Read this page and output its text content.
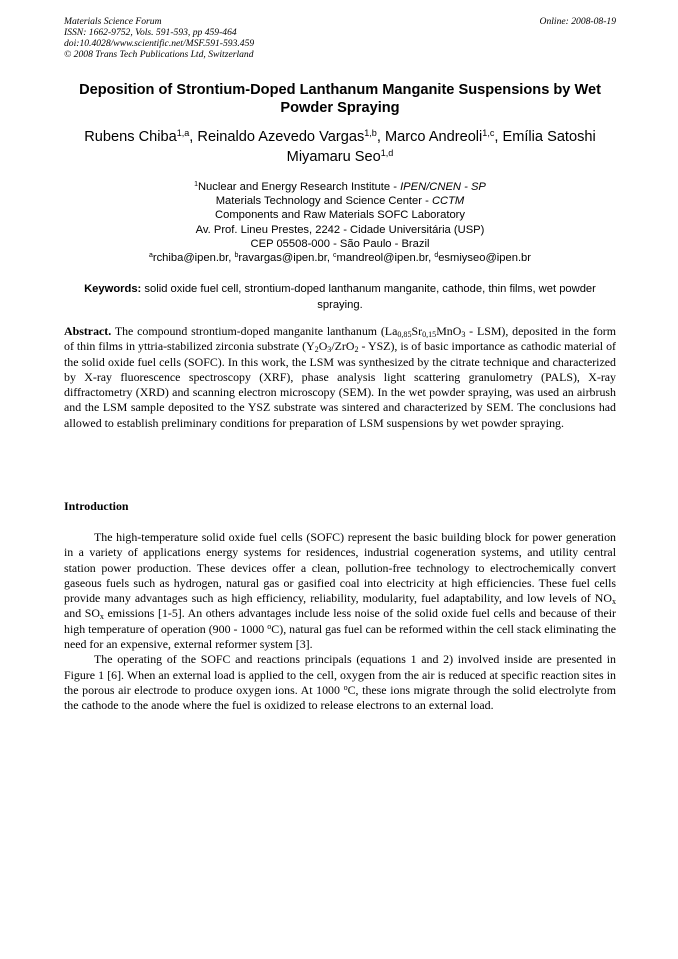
Materials Science Forum
ISSN: 1662-9752, Vols. 591-593, pp 459-464
doi:10.4028/www.scientific.net/MSF.591-593.459
© 2008 Trans Tech Publications Ltd, Switzerland
Online: 2008-08-19
Deposition of Strontium-Doped Lanthanum Manganite Suspensions by Wet Powder Spraying
Rubens Chiba$^{1,a}$, Reinaldo Azevedo Vargas$^{1,b}$, Marco Andreoli$^{1,c}$, Emília Satoshi Miyamaru Seo$^{1,d}$
$^1$Nuclear and Energy Research Institute - IPEN/CNEN - SP
Materials Technology and Science Center - CCTM
Components and Raw Materials SOFC Laboratory
Av. Prof. Lineu Prestes, 2242 - Cidade Universitária (USP)
CEP 05508-000 - São Paulo - Brazil
$^a$rchiba@ipen.br, $^b$ravargas@ipen.br, $^c$mandreol@ipen.br, $^d$esmiyseo@ipen.br
Keywords: solid oxide fuel cell, strontium-doped lanthanum manganite, cathode, thin films, wet powder spraying.
Abstract. The compound strontium-doped manganite lanthanum $(La_{0,85}Sr_{0,15}MnO_3 - LSM)$, deposited in the form of thin films in yttria-stabilized zirconia substrate $(Y_2O_3/ZrO_2 - YSZ)$, is of basic importance as cathodic material of the solid oxide fuel cells (SOFC). In this work, the LSM was synthesized by the citrate technique and characterized by X-ray fluorescence spectroscopy (XRF), phase analysis light scattering granulometry (PALS), X-ray diffractometry (XRD) and scanning electron microscopy (SEM). In the wet powder spraying, was used an airbrush and the LSM sample deposited to the YSZ substrate was sintered and characterized by SEM. The conclusions had allowed to establish preliminary conditions for preparation of LSM suspensions by wet powder spraying.
Introduction

The high-temperature solid oxide fuel cells (SOFC) represent the basic building block for power generation in a variety of applications energy systems for residences, industrial cogeneration systems, and utility central station power production. These devices offer a clean, pollution-free technology to electrochemically convert gaseous fuels such as hydrogen, natural gas or gasified coal into electricity at high efficiencies. These fuel cells provide many advantages such as high efficiency, reliability, modularity, fuel adaptability, and low levels of $NO_x$ and $SO_x$ emissions [1-5]. An others advantages include less noise of the solid oxide fuel cells and because of their high temperature of operation (900 - 1000 $^o$C), natural gas fuel can be reformed within the cell stack eliminating the need for an expensive, external reformer system [3].

The operating of the SOFC and reactions principals (equations 1 and 2) involved inside are presented in Figure 1 [6]. When an external load is applied to the cell, oxygen from the air is reduced at specific reaction sites in the porous air electrode to produce oxygen ions. At 1000 $^o$C, these ions migrate through the solid electrolyte from the cathode to the anode where the fuel is oxidized to release electrons to an external load.
